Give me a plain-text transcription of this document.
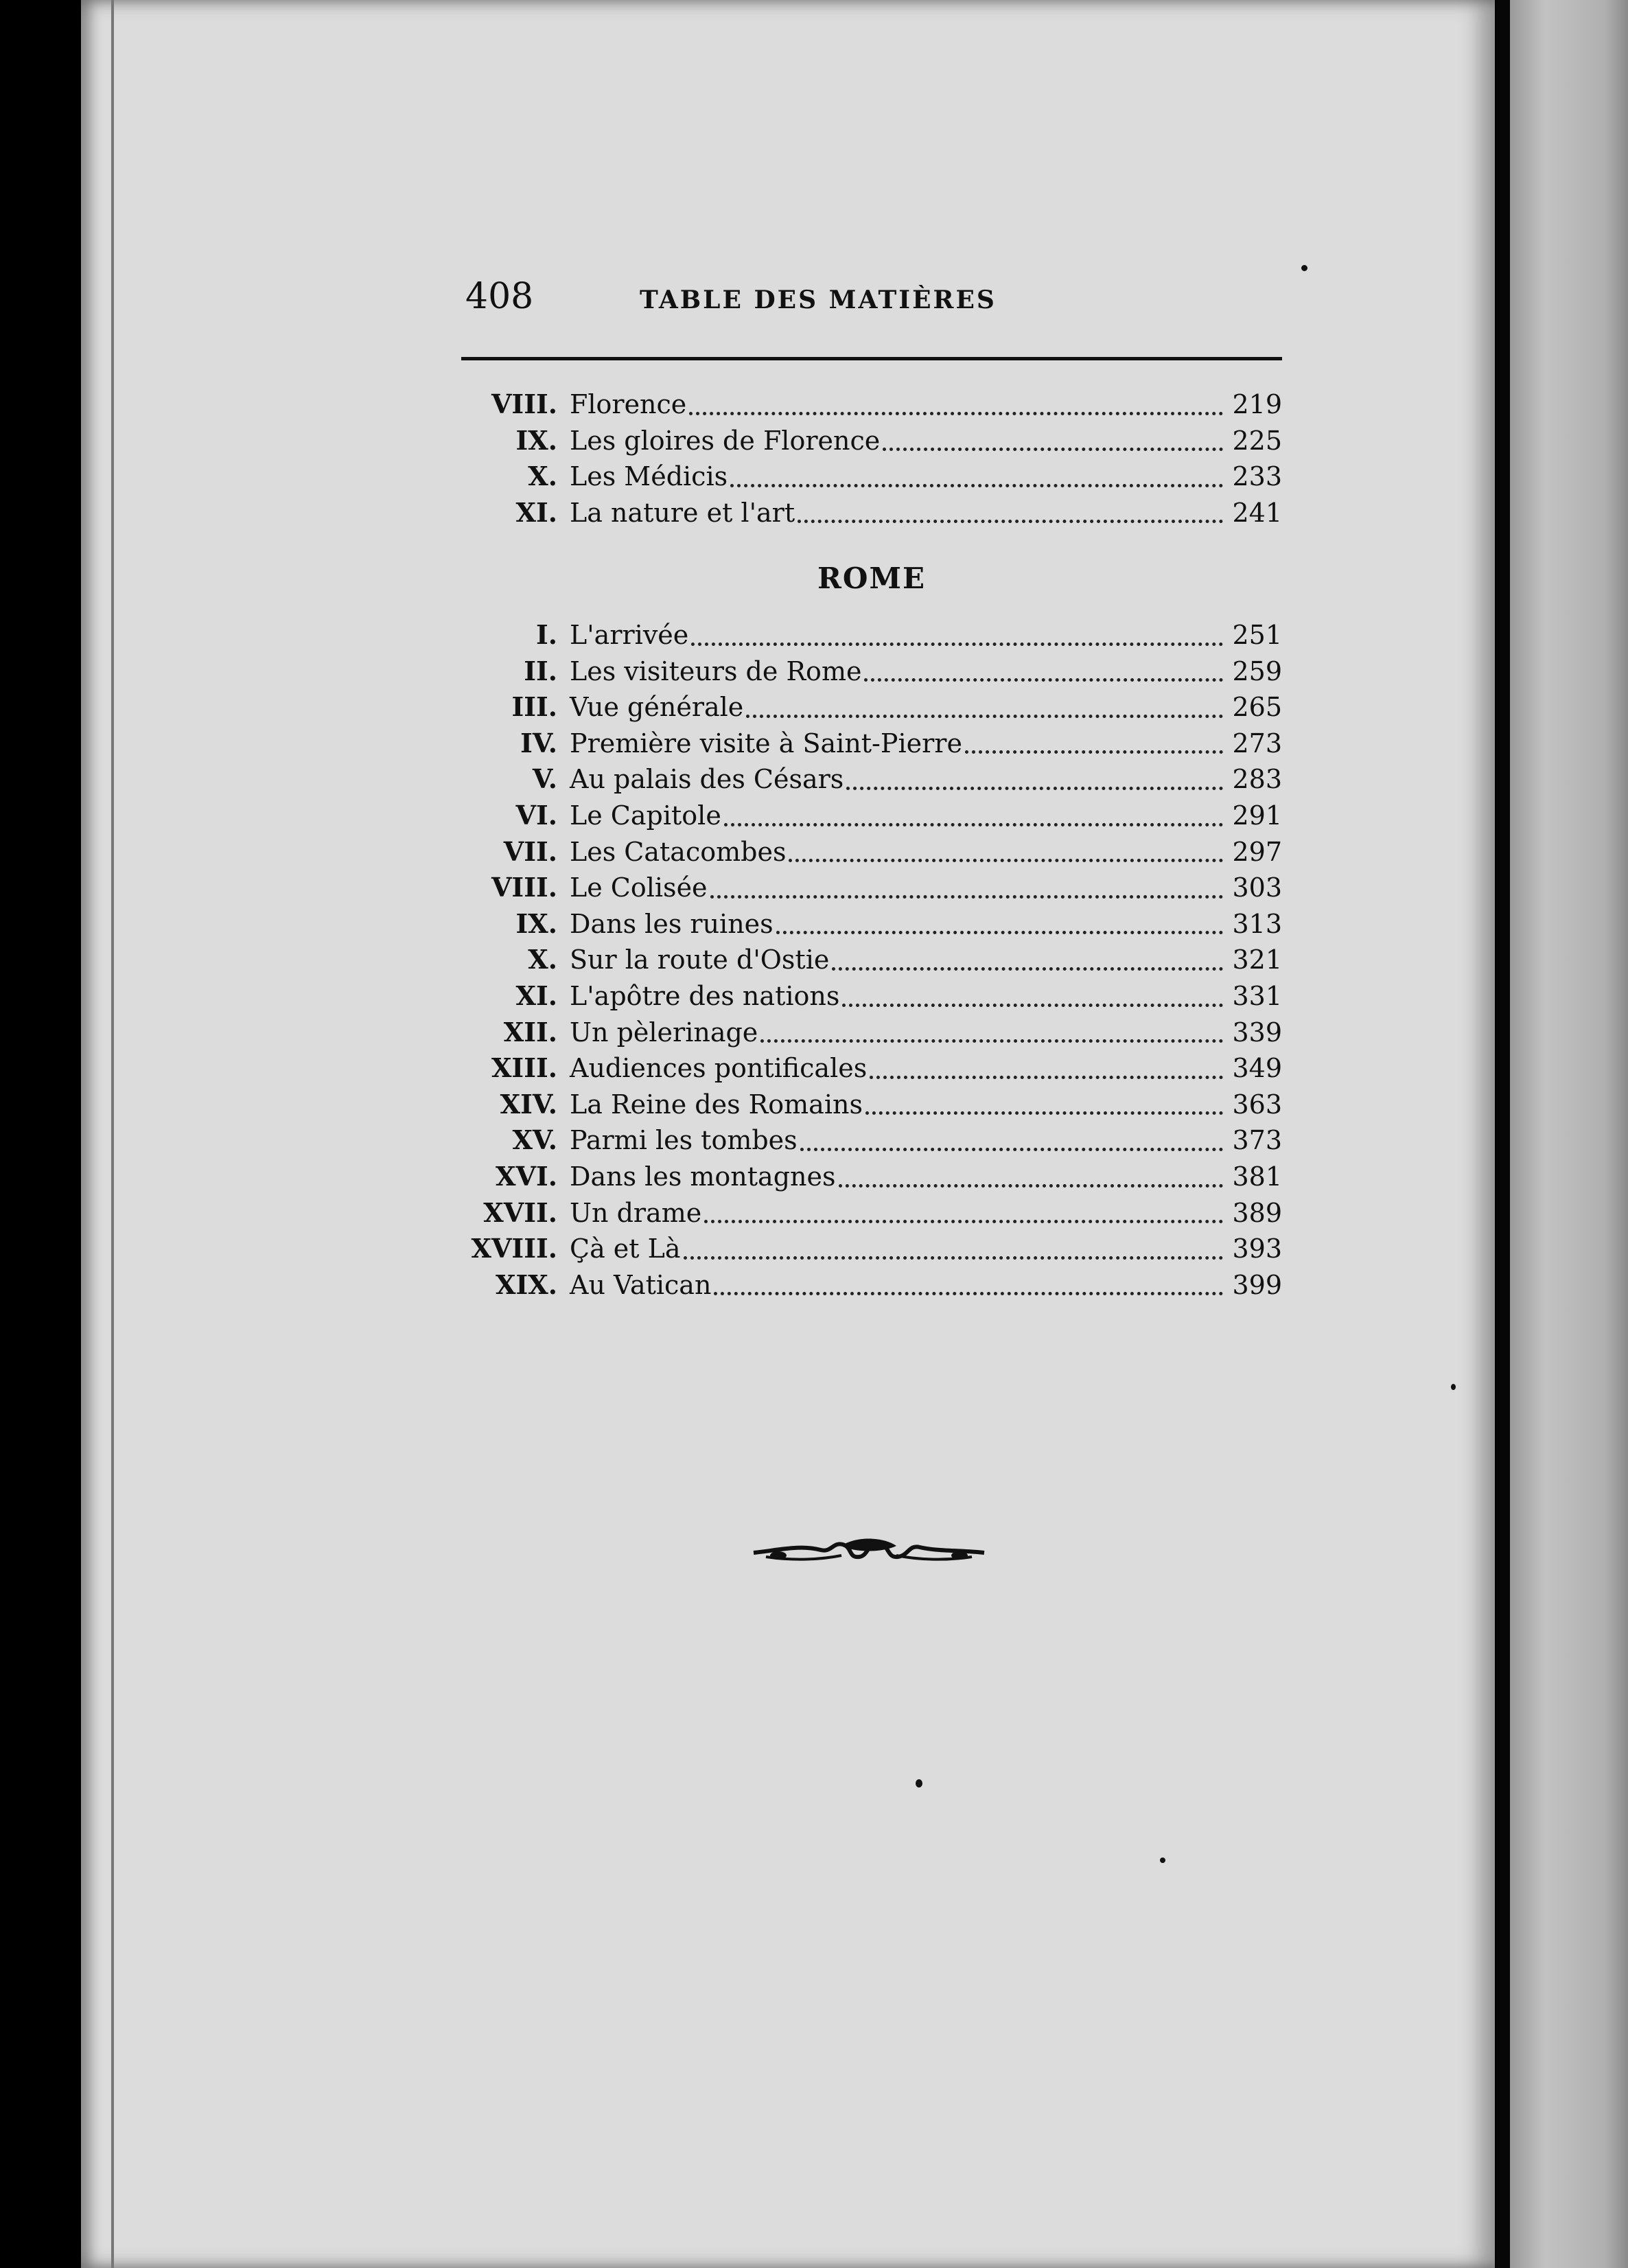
408	TABLE DES MATIÈRES
VIII. Florence	219
IX. Les gloires de Florence	225
X. Les Médicis	233
XI. La nature et l'art	241
ROME
I. L'arrivée	251
II. Les visiteurs de Rome	259
III. Vue générale	265
IV. Première visite à Saint-Pierre	273
V. Au palais des Césars	283
VI. Le Capitole	291
VII. Les Catacombes	297
VIII. Le Colisée	303
IX. Dans les ruines	313
X. Sur la route d'Ostie	321
XI. L'apôtre des nations	331
XII. Un pèlerinage	339
XIII. Audiences pontificales	349
XIV. La Reine des Romains	363
XV. Parmi les tombes	373
XVI. Dans les montagnes	381
XVII. Un drame	389
XVIII. Çà et Là	393
XIX. Au Vatican	399
